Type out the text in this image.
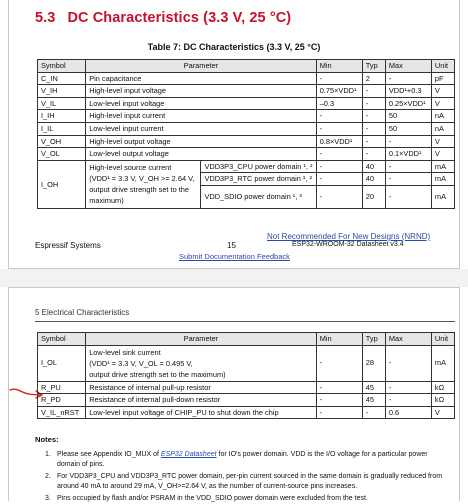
5.3 DC Characteristics (3.3 V, 25 °C)
Table 7: DC Characteristics (3.3 V, 25 °C)
Symbol	Parameter		Min	Typ	Max	Unit
C_IN	Pin capacitance		-	2	-	pF
V_IH	High-level input voltage		0.75×VDD¹	-	VDD¹+0.3	V
V_IL	Low-level input voltage		–0.3	-	0.25×VDD¹	V
I_IH	High-level input current		-	-	50	nA
I_IL	Low-level input current		-	-	50	nA
V_OH	High-level output voltage		0.8×VDD¹	-	-	V
V_OL	Low-level output voltage		-	-	0.1×VDD¹	V
I_OH	High-level source current
(VDD¹ = 3.3 V, V_OH >= 2.64 V,
output drive strength set to the
maximum)	VDD3P3_CPU power domain ¹, ²	-	40	-	mA
		VDD3P3_RTC power domain ¹, ²	-	40	-	mA
		VDD_SDIO power domain ¹, ³	-	20	-	mA
Not Recommended For New Designs (NRND)
Espressif Systems	15	ESP32-WROOM-32 Datasheet v3.4
Submit Documentation Feedback
5 Electrical Characteristics
Symbol	Parameter	Min	Typ	Max	Unit
I_OL	Low-level sink current
(VDD¹ = 3.3 V, V_OL = 0.495 V,
output drive strength set to the maximum)	-	28	-	mA
R_PU	Resistance of internal pull-up resistor	-	45	-	kΩ
R_PD	Resistance of internal pull-down resistor	-	45	-	kΩ
V_IL_nRST	Low-level input voltage of CHIP_PU to shut down the chip	-	-	0.6	V
Notes:
1. Please see Appendix IO_MUX of ESP32 Datasheet for IO's power domain. VDD is the I/O voltage for a particular power domain of pins.
2. For VDD3P3_CPU and VDD3P3_RTC power domain, per-pin current sourced in the same domain is gradually reduced from around 40 mA to around 29 mA, V_OH>=2.64 V, as the number of current-source pins increases.
3. Pins occupied by flash and/or PSRAM in the VDD_SDIO power domain were excluded from the test.
